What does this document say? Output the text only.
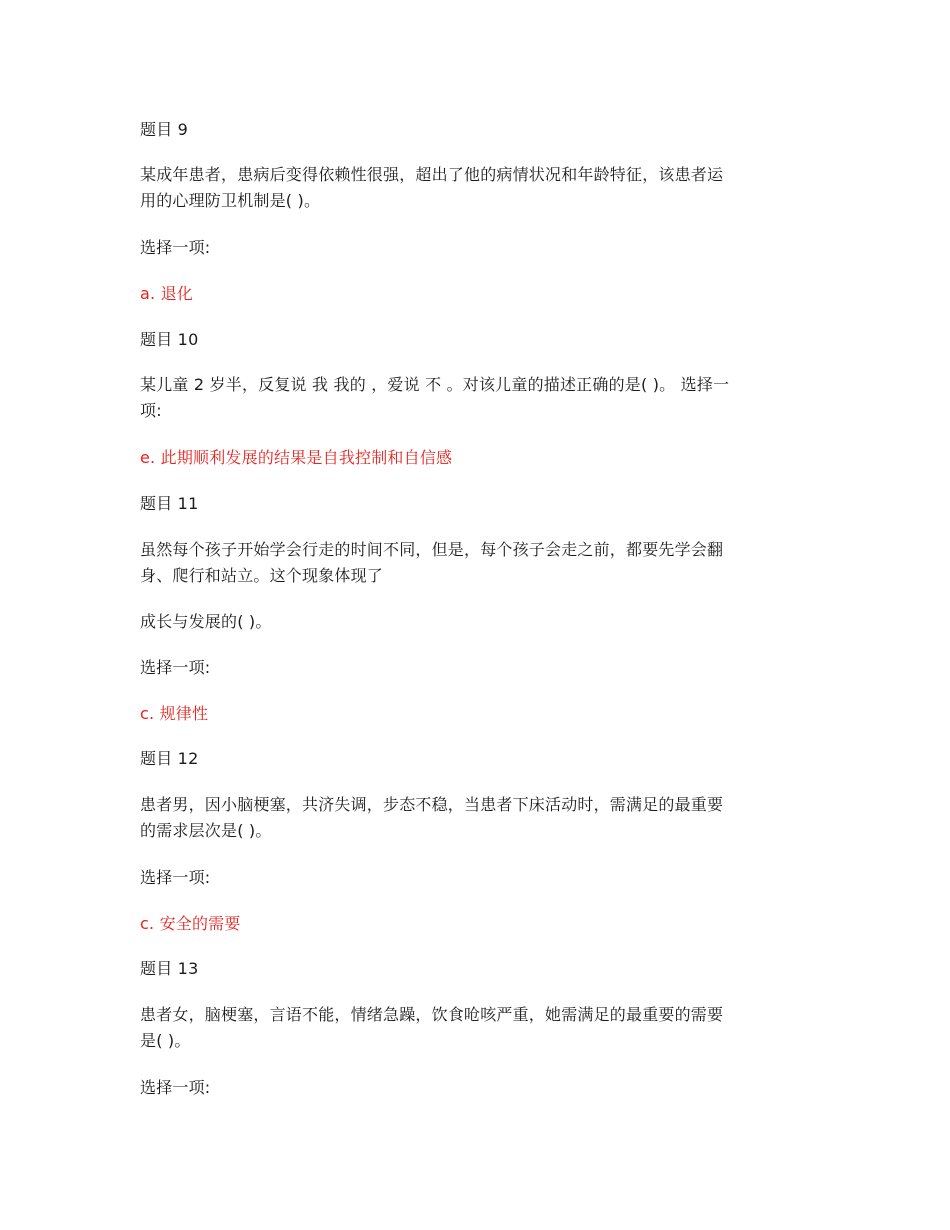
题目 9
某成年患者，患病后变得依赖性很强，超出了他的病情状况和年龄特征，该患者运
用的心理防卫机制是( )。
选择一项:
a. 退化
题目 10
某儿童 2 岁半，反复说 我 我的 ，爱说 不 。对该儿童的描述正确的是( )。 选择一
项:
e. 此期顺利发展的结果是自我控制和自信感
题目 11
虽然每个孩子开始学会行走的时间不同，但是，每个孩子会走之前，都要先学会翻
身、爬行和站立。这个现象体现了
成长与发展的( )。
选择一项:
c. 规律性
题目 12
患者男，因小脑梗塞，共济失调，步态不稳，当患者下床活动时，需满足的最重要
的需求层次是( )。
选择一项:
c. 安全的需要
题目 13
患者女，脑梗塞，言语不能，情绪急躁，饮食呛咳严重，她需满足的最重要的需要
是( )。
选择一项:
